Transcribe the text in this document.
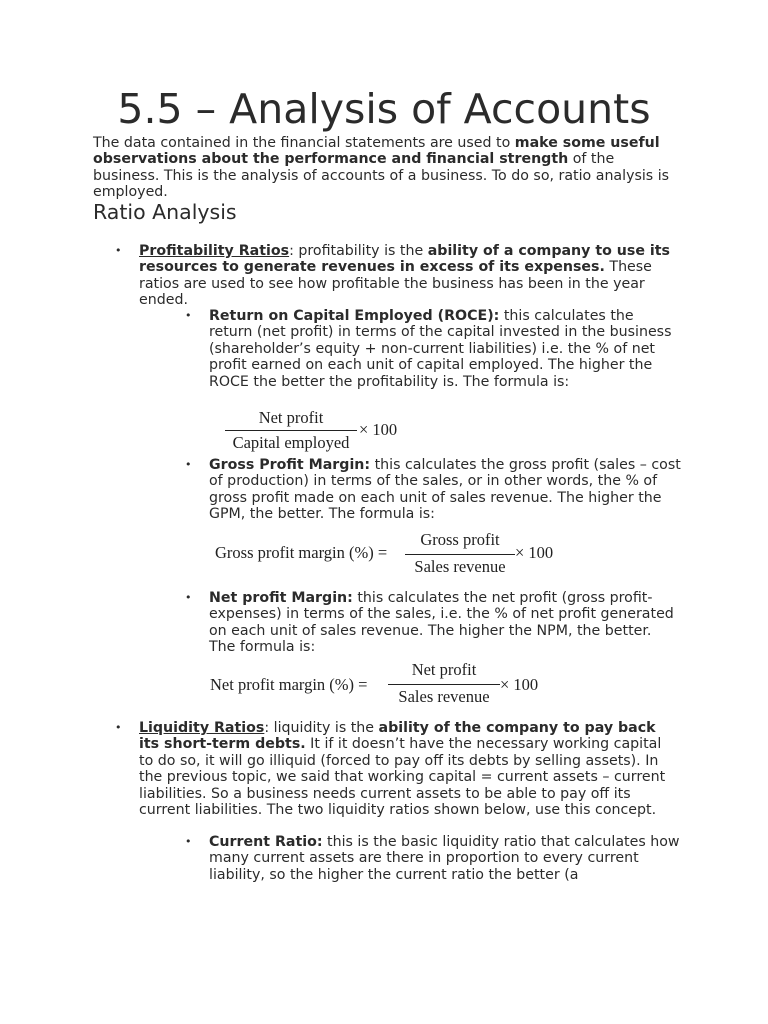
5.5 – Analysis of Accounts

The data contained in the financial statements are used to make some useful observations about the performance and financial strength of the business. This is the analysis of accounts of a business. To do so, ratio analysis is employed.

Ratio Analysis
• Profitability Ratios: profitability is the ability of a company to use its resources to generate revenues in excess of its expenses. These ratios are used to see how profitable the business has been in the year ended.

• Return on Capital Employed (ROCE): this calculates the return (net profit) in terms of the capital invested in the business (shareholder’s equity + non-current liabilities) i.e. the % of net profit earned on each unit of capital employed. The higher the ROCE the better the profitability is. The formula is:

Net profit
Capital employed
× 100
• Gross Profit Margin: this calculates the gross profit (sales – cost of production) in terms of the sales, or in other words, the % of gross profit made on each unit of sales revenue. The higher the GPM, the better. The formula is:

Gross profit margin (%) =
Gross profit
Sales revenue
× 100
• Net profit Margin: this calculates the net profit (gross profit-expenses) in terms of the sales, i.e. the % of net profit generated on each unit of sales revenue. The higher the NPM, the better. The formula is:

Net profit margin (%) =
Net profit
Sales revenue
× 100
• Liquidity Ratios: liquidity is the ability of the company to pay back its short-term debts. It if it doesn’t have the necessary working capital to do so, it will go illiquid (forced to pay off its debts by selling assets). In the previous topic, we said that working capital = current assets – current liabilities. So a business needs current assets to be able to pay off its current liabilities. The two liquidity ratios shown below, use this concept.

• Current Ratio: this is the basic liquidity ratio that calculates how many current assets are there in proportion to every current liability, so the higher the current ratio the better (a
